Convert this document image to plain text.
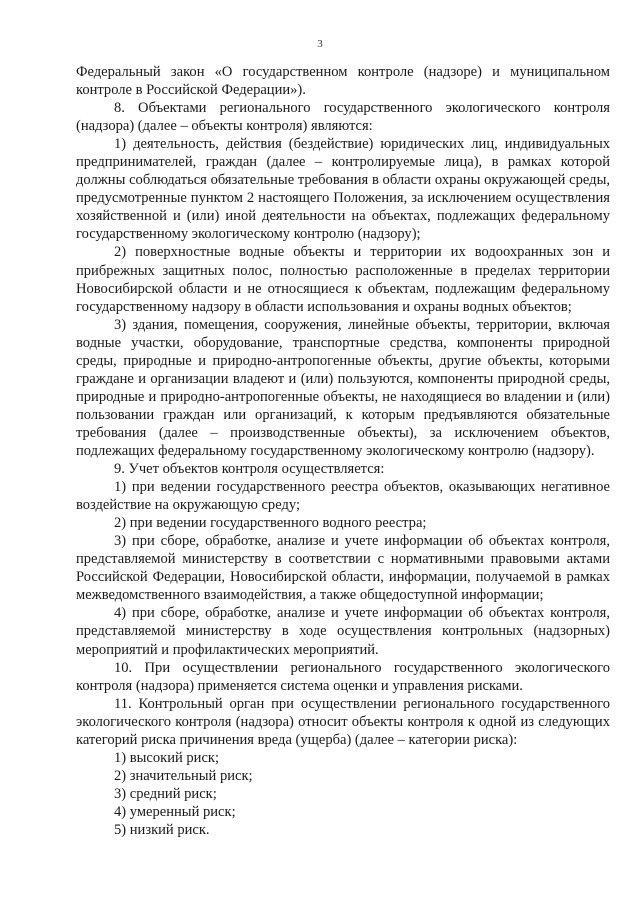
3

Федеральный закон «О государственном контроле (надзоре) и муниципальном контроле в Российской Федерации»).

8. Объектами регионального государственного экологического контроля (надзора) (далее – объекты контроля) являются:

1) деятельность, действия (бездействие) юридических лиц, индивидуальных предпринимателей, граждан (далее – контролируемые лица), в рамках которой должны соблюдаться обязательные требования в области охраны окружающей среды, предусмотренные пунктом 2 настоящего Положения, за исключением осуществления хозяйственной и (или) иной деятельности на объектах, подлежащих федеральному государственному экологическому контролю (надзору);

2) поверхностные водные объекты и территории их водоохранных зон и прибрежных защитных полос, полностью расположенные в пределах территории Новосибирской области и не относящиеся к объектам, подлежащим федеральному государственному надзору в области использования и охраны водных объектов;

3) здания, помещения, сооружения, линейные объекты, территории, включая водные участки, оборудование, транспортные средства, компоненты природной среды, природные и природно-антропогенные объекты, другие объекты, которыми граждане и организации владеют и (или) пользуются, компоненты природной среды, природные и природно-антропогенные объекты, не находящиеся во владении и (или) пользовании граждан или организаций, к которым предъявляются обязательные требования (далее – производственные объекты), за исключением объектов, подлежащих федеральному государственному экологическому контролю (надзору).

9. Учет объектов контроля осуществляется:

1) при ведении государственного реестра объектов, оказывающих негативное воздействие на окружающую среду;

2) при ведении государственного водного реестра;

3) при сборе, обработке, анализе и учете информации об объектах контроля, представляемой министерству в соответствии с нормативными правовыми актами Российской Федерации, Новосибирской области, информации, получаемой в рамках межведомственного взаимодействия, а также общедоступной информации;

4) при сборе, обработке, анализе и учете информации об объектах контроля, представляемой министерству в ходе осуществления контрольных (надзорных) мероприятий и профилактических мероприятий.

10. При осуществлении регионального государственного экологического контроля (надзора) применяется система оценки и управления рисками.

11. Контрольный орган при осуществлении регионального государственного экологического контроля (надзора) относит объекты контроля к одной из следующих категорий риска причинения вреда (ущерба) (далее – категории риска):

1) высокий риск;

2) значительный риск;

3) средний риск;

4) умеренный риск;

5) низкий риск.
